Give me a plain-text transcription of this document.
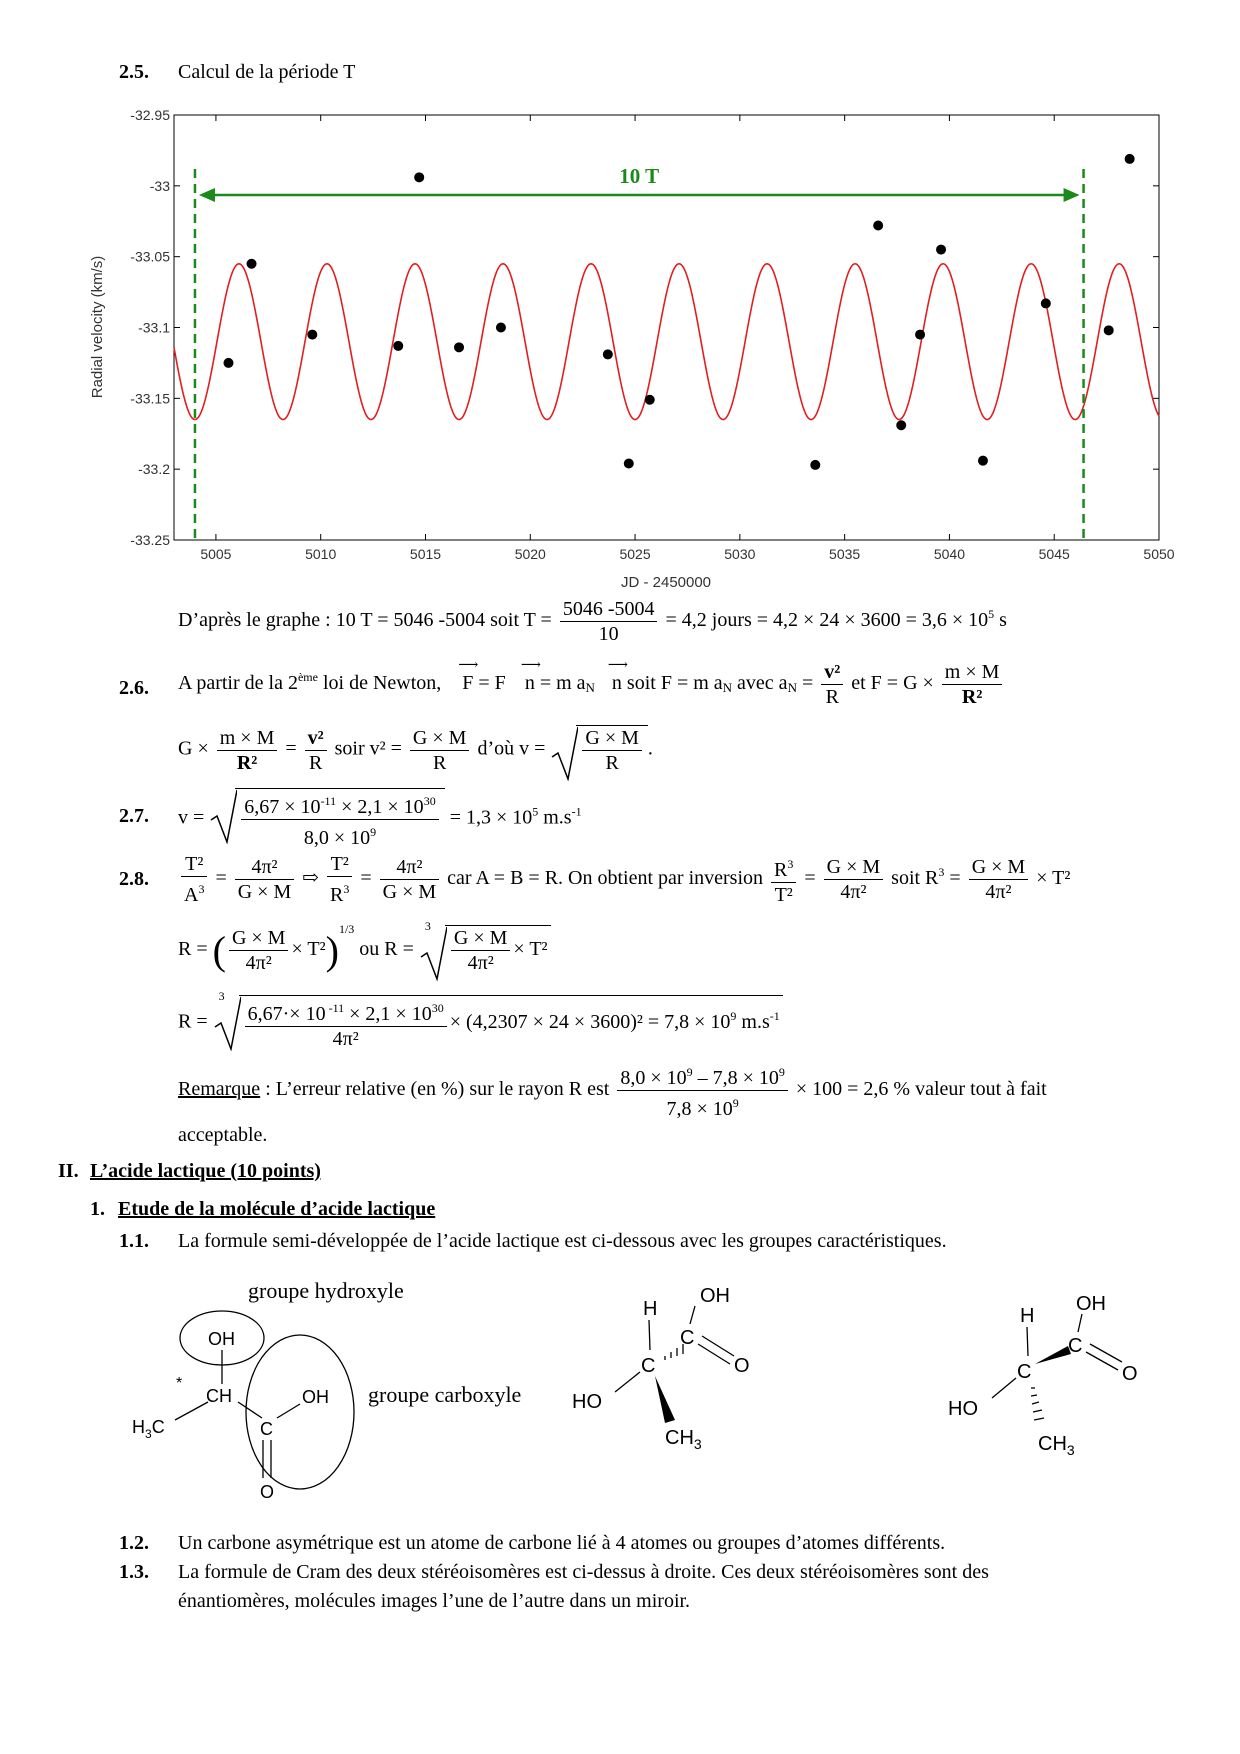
2.5. Calcul de la période T
5005	5010	5015	5020	5025	5030	5035	5040	5045	5050
-32.95
-33
-33.05
-33.1
-33.15
-33.2
-33.25
10 T
JD - 2450000
Radial velocity (km/s)
D’après le graphe : 10 T = 5046 -5004 soit $T = \frac{5046 -5004}{10} = 4,2$ jours = $4,2 \times 24 \times 3600 = 3,6 \times 10^5$ s
2.6. A partir de la 2ème loi de Newton, ⟶ F = F ⟶ n = m $a_N$ ⟶ n soit F = m $a_N$ avec $a_N = \frac{\text{v²}}{R}$ et $F = G \times \frac{m \times M}{\text{R²}}$
$G \times \frac{m \times M}{\text{R²}} = \frac{\text{v²}}{R}$ soir $v^2 = \frac{G \times M}{R}$ d’où $v = \frac{G \times M}{R}$ .
2.7. $v = \frac{6,67 \times 10^{-11} \times 2,1 \times 10^{30}}{8,0 \times 10^9} = 1,3 \times 10^5$ $m.s^{-1}$
2.8. $\frac{\text{T²}}{A^3} = \frac{\text{4π²}}{G \times M}$ ⇨ $\frac{\text{T²}}{R^3} = \frac{\text{4π²}}{G \times M}$ car A = B = R. On obtient par inversion $\frac{R^3}{\text{T²}} = \frac{G \times M}{\text{4π²}}$ soit $R^3 = \frac{G \times M}{\text{4π²}} \times T^2$
R = ( $\frac{G \times M}{\text{4π²}} \times T^2)^{1/3}$ ou R =
$3 \frac{G \times M}{\text{4π²}} \times T^2$
R =
$3 \frac{6,67\cdot\times 10 ^{-11} \times 2,1 \times 10^{30}}{\text{4π²}} \times (4,2307 \times 24 \times 3600)^2 = 7,8 \times 10^9$ $m.s^{-1}$
Remarque : L’erreur relative (en %) sur le rayon R est $\frac{8,0 \times 10^9 - 7,8 \times 10^9}{7,8 \times 10^9} \times 100 = 2,6$ % valeur tout à fait
acceptable.
II. L’acide lactique (10 points)
1. Etude de la molécule d’acide lactique
1.1. La formule semi-développée de l’acide lactique est ci-dessous avec les groupes caractéristiques.
OH
CH
*
$H_3C$	C
OH
O
groupe hydroxyle
groupe carboxyle
H
C
C
OH
O
HO
$CH_3$
H
C
C
OH
O
HO
$CH_3$
1.2. Un carbone asymétrique est un atome de carbone lié à 4 atomes ou groupes d’atomes différents.
1.3. La formule de Cram des deux stéréoisomères est ci-dessus à droite. Ces deux stéréoisomères sont des
énantiomères, molécules images l’une de l’autre dans un miroir.
